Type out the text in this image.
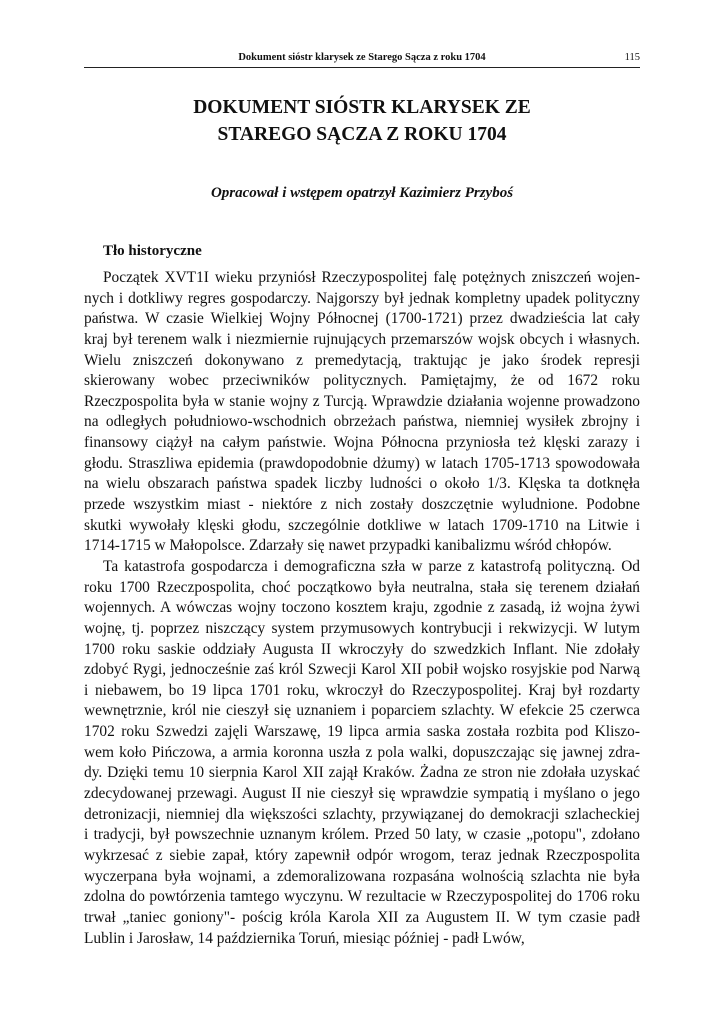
Dokument sióstr klarysek ze Starego Sącza z roku 1704	115
DOKUMENT SIÓSTR KLARYSEK ZE
STAREGO SĄCZA Z ROKU 1704

Opracował i wstępem opatrzył Kazimierz Przyboś

Tło historyczne
Początek XVT1I wieku przyniósł Rzeczypospolitej falę potężnych zniszczeń wojen-
nych i dotkliwy regres gospodarczy. Najgorszy był jednak kompletny upadek polityczny
państwa. W czasie Wielkiej Wojny Północnej (1700-1721) przez dwadzieścia lat cały
kraj był terenem walk i niezmiernie rujnujących przemarszów wojsk obcych i własnych.
Wielu zniszczeń dokonywano z premedytacją, traktując je jako środek represji
skierowany wobec przeciwników politycznych. Pamiętajmy, że od 1672 roku
Rzeczpospolita była w stanie wojny z Turcją. Wprawdzie działania wojenne prowadzono
na odległych południowo-wschodnich obrzeżach państwa, niemniej wysiłek zbrojny i
finansowy ciążył na całym państwie. Wojna Północna przyniosła też klęski zarazy i
głodu. Straszliwa epidemia (prawdopodobnie dżumy) w latach 1705-1713 spowodowała
na wielu obszarach państwa spadek liczby ludności o około 1/3. Klęska ta dotknęła
przede wszystkim miast - niektóre z nich zostały doszczętnie wyludnione. Podobne
skutki wywołały klęski głodu, szczególnie dotkliwe w latach 1709-1710 na Litwie i
1714-1715 w Małopolsce. Zdarzały się nawet przypadki kanibalizmu wśród chłopów.
Ta katastrofa gospodarcza i demograficzna szła w parze z katastrofą polityczną. Od
roku 1700 Rzeczpospolita, choć początkowo była neutralna, stała się terenem działań
wojennych. A wówczas wojny toczono kosztem kraju, zgodnie z zasadą, iż wojna żywi
wojnę, tj. poprzez niszczący system przymusowych kontrybucji i rekwizycji. W lutym
1700 roku saskie oddziały Augusta II wkroczyły do szwedzkich Inflant. Nie zdołały
zdobyć Rygi, jednocześnie zaś król Szwecji Karol XII pobił wojsko rosyjskie pod Narwą
i niebawem, bo 19 lipca 1701 roku, wkroczył do Rzeczypospolitej. Kraj był rozdarty
wewnętrznie, król nie cieszył się uznaniem i poparciem szlachty. W efekcie 25 czerwca
1702 roku Szwedzi zajęli Warszawę, 19 lipca armia saska została rozbita pod Kliszo-
wem koło Pińczowa, a armia koronna uszła z pola walki, dopuszczając się jawnej zdra-
dy. Dzięki temu 10 sierpnia Karol XII zajął Kraków. Żadna ze stron nie zdołała uzyskać
zdecydowanej przewagi. August II nie cieszył się wprawdzie sympatią i myślano o jego
detronizacji, niemniej dla większości szlachty, przywiązanej do demokracji szlacheckiej
i tradycji, był powszechnie uznanym królem. Przed 50 laty, w czasie „potopu", zdołano
wykrzesać z siebie zapał, który zapewnił odpór wrogom, teraz jednak Rzeczpospolita
wyczerpana była wojnami, a zdemoralizowana rozpasána wolnością szlachta nie była
zdolna do powtórzenia tamtego wyczynu. W rezultacie w Rzeczypospolitej do 1706 roku
trwał „taniec goniony"- pościg króla Karola XII za Augustem II. W tym czasie padł
Lublin i Jarosław, 14 października Toruń, miesiąc później - padł Lwów,
